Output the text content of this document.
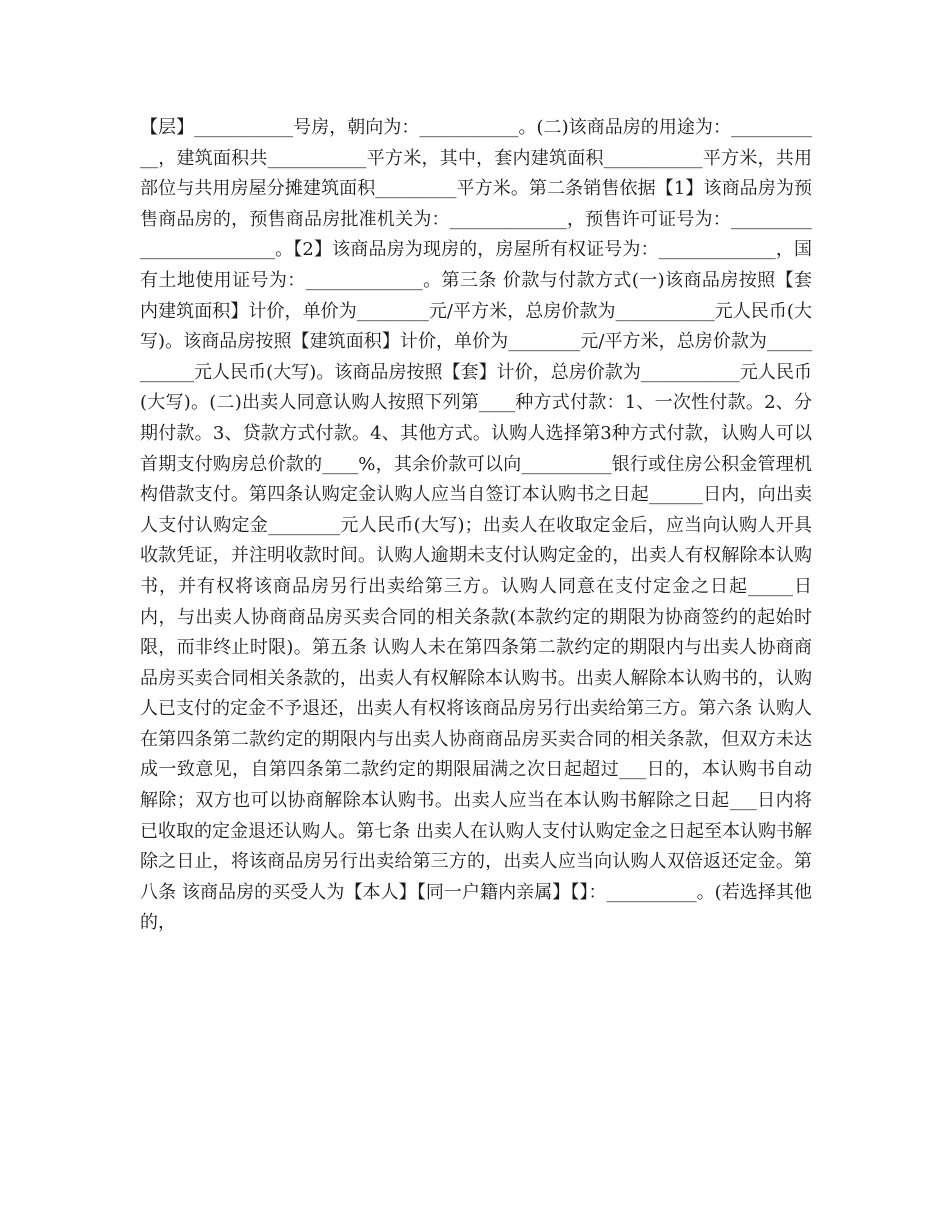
【层】___________号房，朝向为：___________。(二)该商品房的用途为：___________，建筑面积共___________平方米，其中，套内建筑面积___________平方米，共用部位与共用房屋分摊建筑面积_________平方米。第二条销售依据【1】该商品房为预售商品房的，预售商品房批准机关为：_____________，预售许可证号为：________________________。【2】该商品房为现房的，房屋所有权证号为：_____________，国有土地使用证号为：_____________。第三条 价款与付款方式(一)该商品房按照【套内建筑面积】计价，单价为________元/平方米，总房价款为___________元人民币(大写)。该商品房按照【建筑面积】计价，单价为________元/平方米，总房价款为___________元人民币(大写)。该商品房按照【套】计价，总房价款为___________元人民币(大写)。(二)出卖人同意认购人按照下列第____种方式付款：1、一次性付款。2、分期付款。3、贷款方式付款。4、其他方式。认购人选择第3种方式付款，认购人可以首期支付购房总价款的____%，其余价款可以向__________银行或住房公积金管理机构借款支付。第四条认购定金认购人应当自签订本认购书之日起______日内，向出卖人支付认购定金________元人民币(大写)；出卖人在收取定金后，应当向认购人开具收款凭证，并注明收款时间。认购人逾期未支付认购定金的，出卖人有权解除本认购书，并有权将该商品房另行出卖给第三方。认购人同意在支付定金之日起_____日内，与出卖人协商商品房买卖合同的相关条款(本款约定的期限为协商签约的起始时限，而非终止时限)。第五条 认购人未在第四条第二款约定的期限内与出卖人协商商品房买卖合同相关条款的，出卖人有权解除本认购书。出卖人解除本认购书的，认购人已支付的定金不予退还，出卖人有权将该商品房另行出卖给第三方。第六条 认购人在第四条第二款约定的期限内与出卖人协商商品房买卖合同的相关条款，但双方未达成一致意见，自第四条第二款约定的期限届满之次日起超过___日的，本认购书自动解除；双方也可以协商解除本认购书。出卖人应当在本认购书解除之日起___日内将已收取的定金退还认购人。第七条 出卖人在认购人支付认购定金之日起至本认购书解除之日止，将该商品房另行出卖给第三方的，出卖人应当向认购人双倍返还定金。第八条 该商品房的买受人为【本人】【同一户籍内亲属】【】：__________。(若选择其他的，
